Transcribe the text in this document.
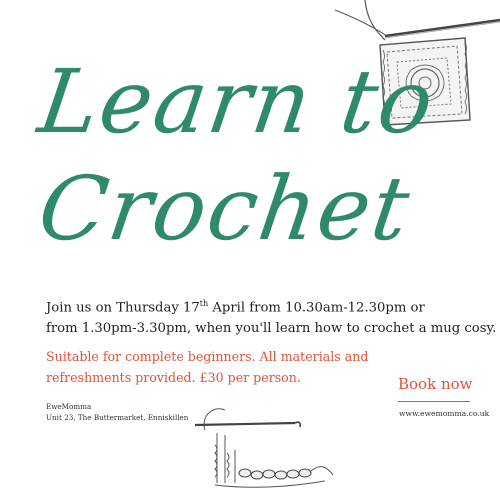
Learn to
Crochet
Join us on Thursday 17th April from 10.30am-12.30pm or
from 1.30pm-3.30pm, when you'll learn how to crochet a mug cosy.
Suitable for complete beginners. All materials and
refreshments provided. £30 per person.
EweMomma
Unit 23, The Buttermarket, Enniskillen
Book now
www.ewemomma.co.uk
